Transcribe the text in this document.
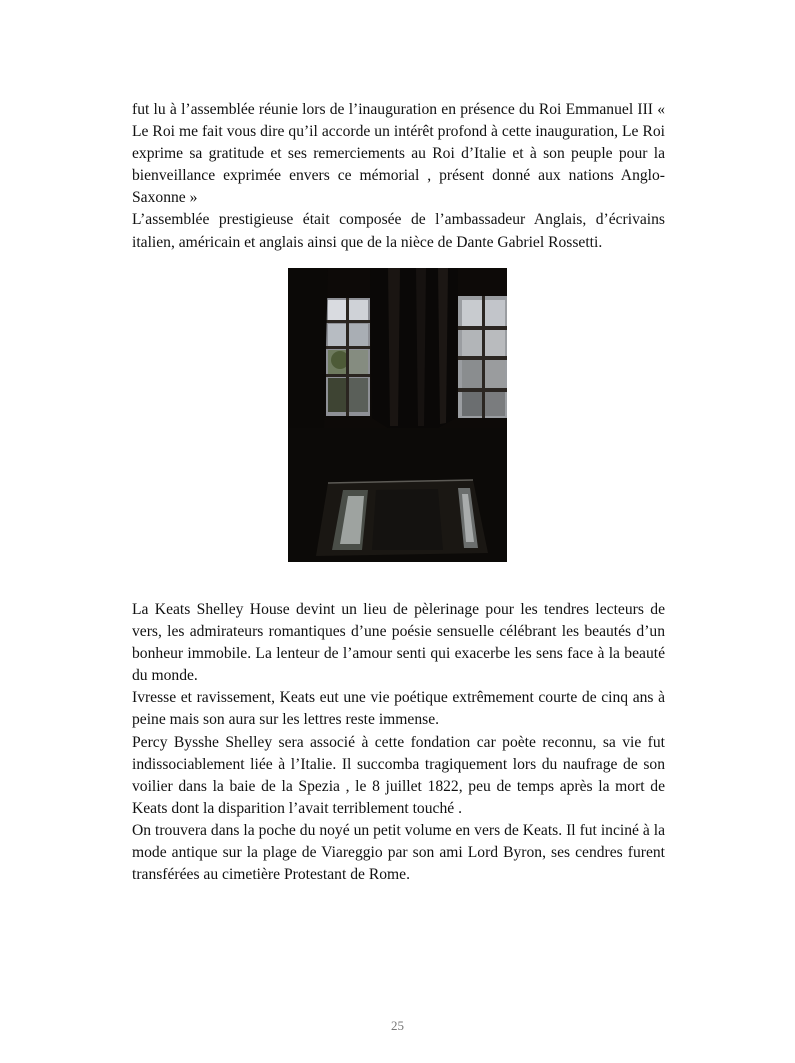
fut lu à l’assemblée réunie lors de l’inauguration en présence du Roi Emmanuel III « Le Roi me fait vous dire qu’il accorde un intérêt profond à cette inauguration, Le Roi exprime sa gratitude et ses remerciements au Roi d’Italie et à son peuple pour la bienveillance exprimée envers ce mémorial , présent donné aux nations Anglo-Saxonne »
L’assemblée prestigieuse était composée de l’ambassadeur Anglais, d’écrivains italien, américain et anglais ainsi que de la nièce de Dante Gabriel Rossetti.
La Keats Shelley House devint un lieu de pèlerinage pour les tendres lecteurs de vers, les admirateurs romantiques d’une poésie sensuelle célébrant les beautés d’un bonheur immobile. La lenteur de l’amour senti qui exacerbe les sens face à la beauté du monde.
Ivresse et ravissement, Keats eut une vie poétique extrêmement courte de cinq ans à peine mais son aura sur les lettres reste immense.
Percy Bysshe Shelley sera associé à cette fondation car poète reconnu, sa vie fut indissociablement liée à l’Italie. Il succomba tragiquement lors du naufrage de son voilier dans la baie de la Spezia , le 8 juillet 1822, peu de temps après la mort de Keats dont la disparition l’avait terriblement touché .
On trouvera dans la poche du noyé un petit volume en vers de Keats. Il fut inciné à la mode antique sur la plage de Viareggio par son ami Lord Byron, ses cendres furent transférées au cimetière Protestant de Rome.
25
